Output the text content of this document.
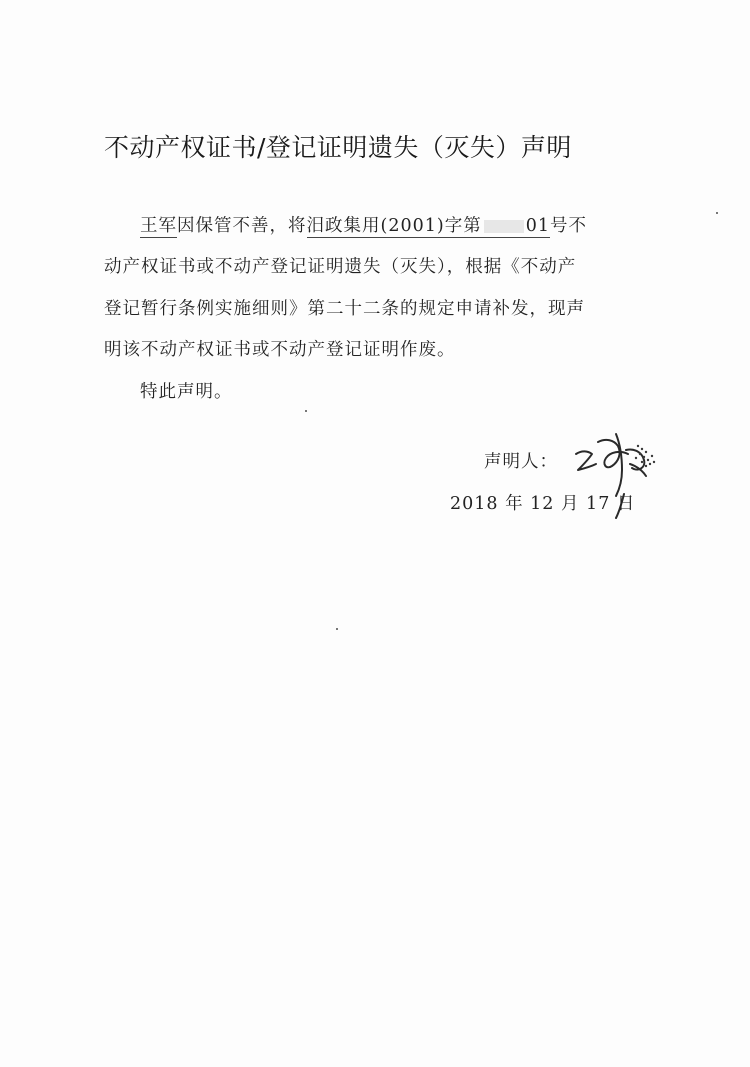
不动产权证书/登记证明遗失（灭失）声明
王军因保管不善，将汨政集用(2001)字第	01号不
动产权证书或不动产登记证明遗失（灭失），根据《不动产
登记暂行条例实施细则》第二十二条的规定申请补发，现声
明该不动产权证书或不动产登记证明作废。
特此声明。
声明人：
2018 年 12 月 17 日
